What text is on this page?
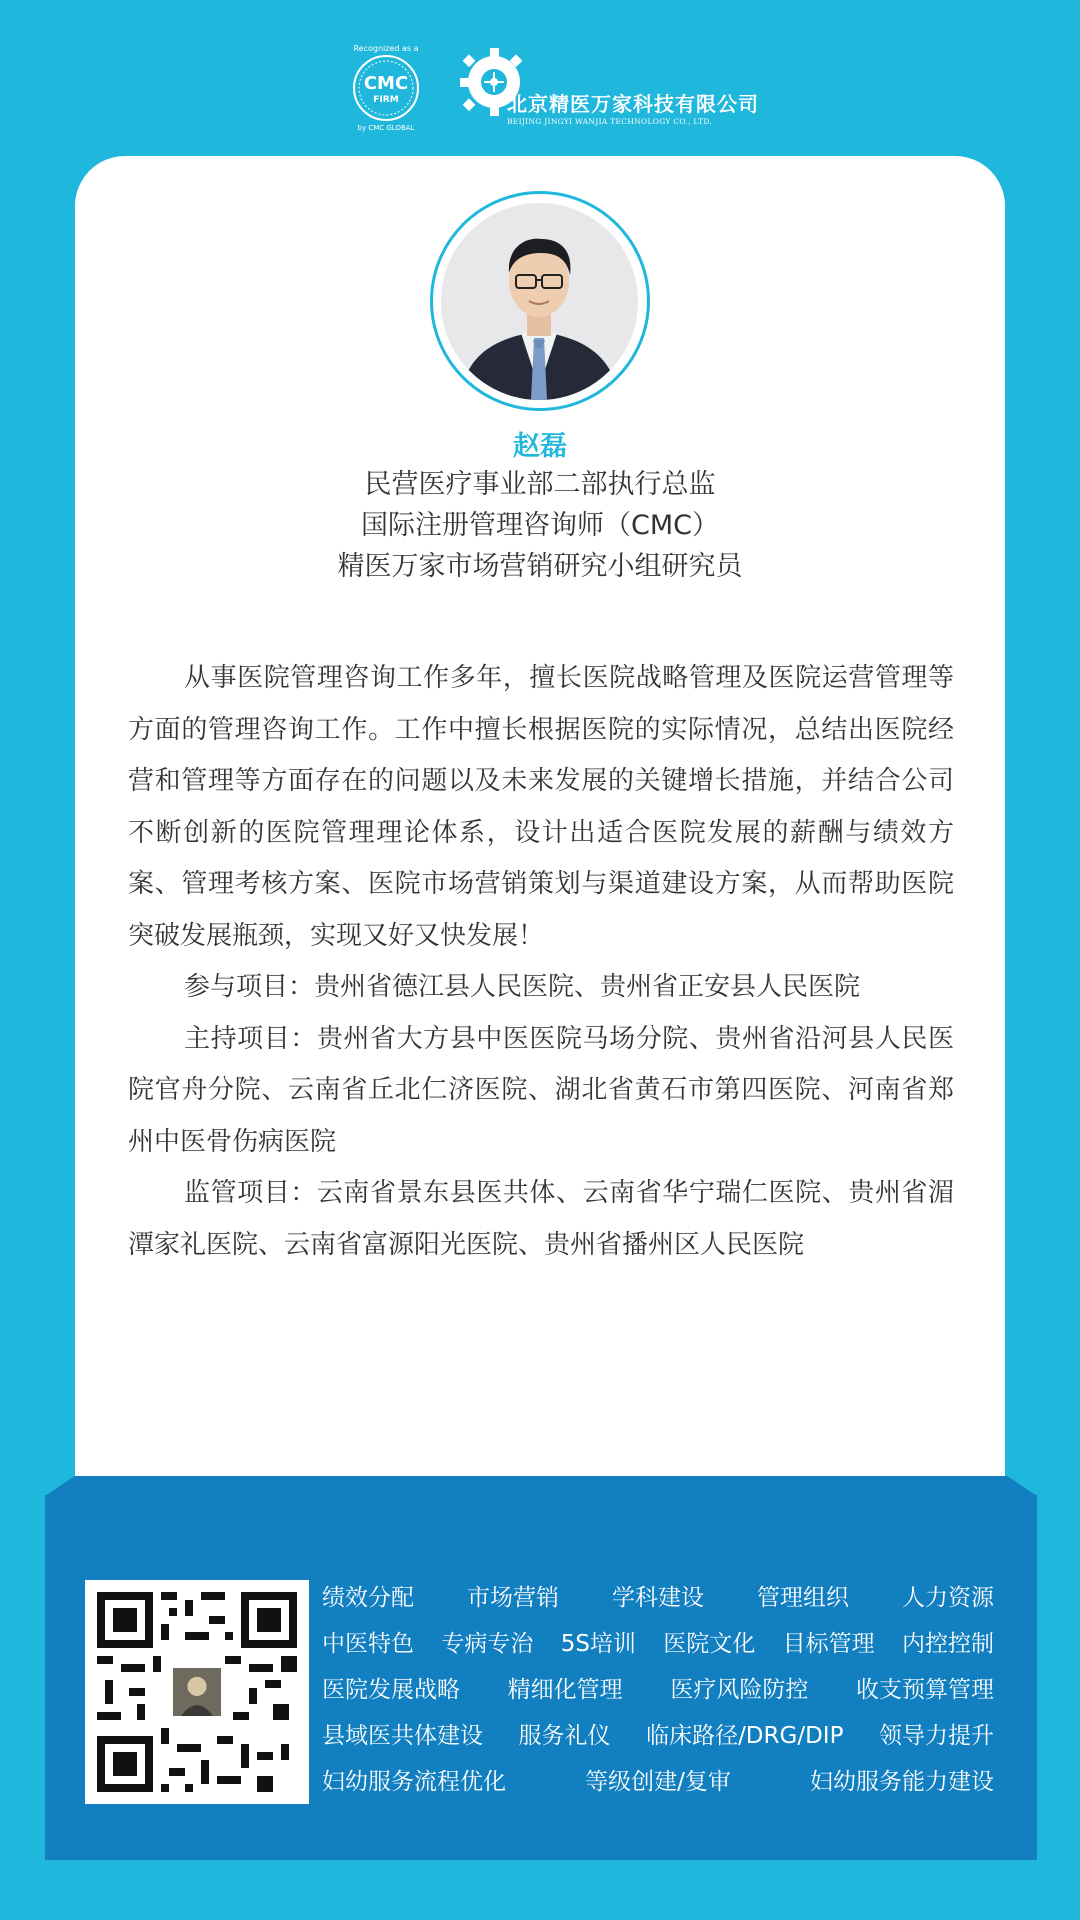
Recognized as a
CMC
FIRM
by CMC GLOBAL
北京精医万家科技有限公司
BEIJING JINGYI WANJIA TECHNOLOGY CO., LTD.
赵磊
民营医疗事业部二部执行总监
国际注册管理咨询师（CMC）
精医万家市场营销研究小组研究员

从事医院管理咨询工作多年，擅长医院战略管理及医院运营管理等方面的管理咨询工作。工作中擅长根据医院的实际情况，总结出医院经营和管理等方面存在的问题以及未来发展的关键增长措施，并结合公司不断创新的医院管理理论体系，设计出适合医院发展的薪酬与绩效方案、管理考核方案、医院市场营销策划与渠道建设方案，从而帮助医院突破发展瓶颈，实现又好又快发展！

参与项目：贵州省德江县人民医院、贵州省正安县人民医院

主持项目：贵州省大方县中医医院马场分院、贵州省沿河县人民医院官舟分院、云南省丘北仁济医院、湖北省黄石市第四医院、河南省郑州中医骨伤病医院

监管项目：云南省景东县医共体、云南省华宁瑞仁医院、贵州省湄潭家礼医院、云南省富源阳光医院、贵州省播州区人民医院

绩效分配 市场营销 学科建设 管理组织 人力资源
中医特色 专病专治 5S培训 医院文化 目标管理 内控控制
医院发展战略 精细化管理 医疗风险防控 收支预算管理
县域医共体建设 服务礼仪 临床路径/DRG/DIP 领导力提升
妇幼服务流程优化	等级创建/复审	妇幼服务能力建设
